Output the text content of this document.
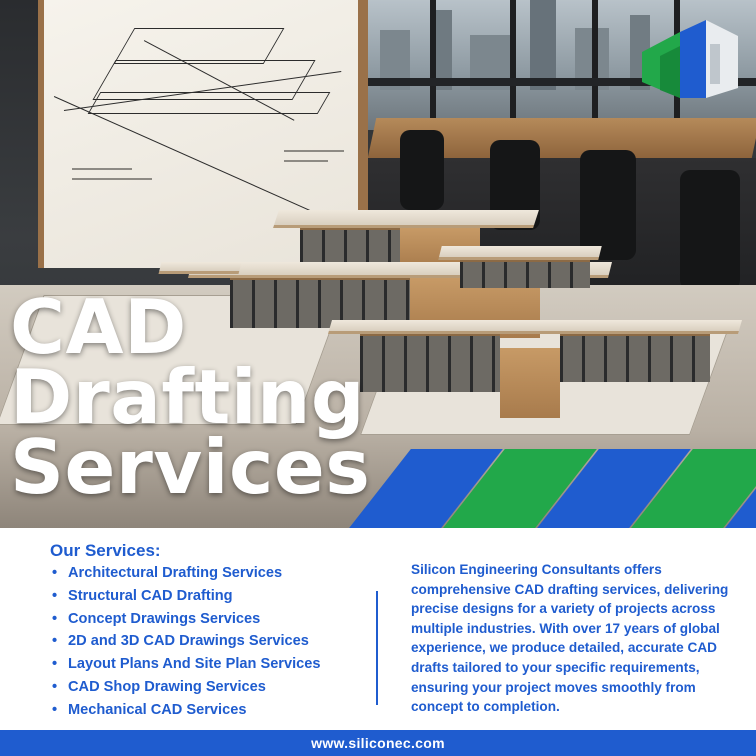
CAD
Drafting
Services
Our Services:
• Architectural Drafting Services
• Structural CAD Drafting
• Concept Drawings Services
• 2D and 3D CAD Drawings Services
• Layout Plans And Site Plan Services
• CAD Shop Drawing Services
• Mechanical CAD Services

Silicon Engineering Consultants offers comprehensive CAD drafting services, delivering precise designs for a variety of projects across multiple industries. With over 17 years of global experience, we produce detailed, accurate CAD drafts tailored to your specific requirements, ensuring your project moves smoothly from concept to completion.

www.siliconec.com
